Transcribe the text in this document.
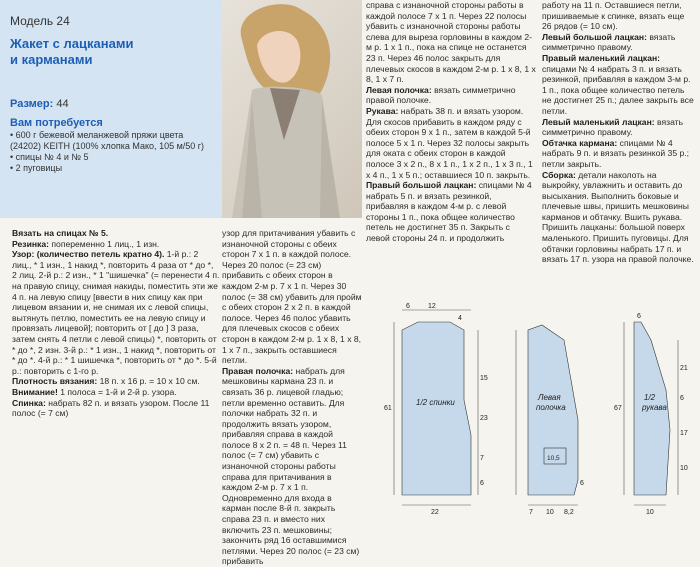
Модель 24
Жакет с лацканами
и карманами
Размер: 44
Вам потребуется
• 600 г бежевой меланжевой пряжи цвета (24202) KEITH (100% хлопка Мако, 105 м/50 г)
• спицы № 4 и № 5
• 2 пуговицы
Вязать на спицах № 5.
Резинка: попеременно 1 лиц., 1 изн.
Узор: (количество петель кратно 4). 1-й р.: 2 лиц., * 1 изн., 1 накид *, повторить 4 раза от * до *, 2 лиц. 2-й р.: 2 изн., * 1 "шишечка" (= перенести 4 п. на правую спицу, снимая накиды, поместить эти же 4 п. на левую спицу [ввести в них спицу как при лицевом вязании и, не снимая их с левой спицы, вытянуть петлю, поместить ее на левую спицу и провязать лицевой]; повторить от [ до ] 3 раза, затем снять 4 петли с левой спицы) *, повторить от * до *, 2 изн. 3-й р.: * 1 изн., 1 накид *, повторить от * до *. 4-й р.: * 1 шишечка *, повторить от * до *. 5-й р.: повторить с 1-го р.
Плотность вязания: 18 п. х 16 р. = 10 х 10 см.
Внимание! 1 полоса = 1-й и 2-й р. узора.
Спинка: набрать 82 п. и вязать узором. После 11 полос (= 7 см)
узор для притачивания убавить с изнаночной стороны с обеих сторон 7 х 1 п. в каждой полосе. Через 20 полос (= 23 см) прибавить с обеих сторон в каждом 2-м р. 7 х 1 п. Через 30 полос (= 38 см) убавить для пройм с обеих сторон 2 х 2 п. в каждой полосе. Через 46 полос убавить для плечевых скосов с обеих сторон в каждом 2-м р. 1 х 8, 1 х 8, 1 х 7 п., закрыть оставшиеся петли.
Правая полочка: набрать для мешковины кармана 23 п. и связать 36 р. лицевой гладью; петли временно оставить. Для полочки набрать 32 п. и продолжить вязать узором, прибавляя справа в каждой полосе 8 х 2 п. = 48 п. Через 11 полос (= 7 см) убавить с изнаночной стороны работы справа для притачивания в каждом 2-м р. 7 х 1 п. Одновременно для входа в карман после 8-й п. закрыть справа 23 п. и вместо них включить 23 п. мешковины; закончить ряд 16 оставшимися петлями. Через 20 полос (= 23 см) прибавить
справа с изнаночной стороны работы в каждой полосе 7 х 1 п. Через 22 полосы убавить с изнаночной стороны работы слева для выреза горловины в каждом 2-м р. 1 х 1 п., пока на спице не останется 23 п. Через 46 полос закрыть для плечевых скосов в каждом 2-м р. 1 х 8, 1 х 8, 1 х 7 п.
Левая полочка: вязать симметрично правой полочке.
Рукава: набрать 38 п. и вязать узором. Для скосов прибавить в каждом ряду с обеих сторон 9 х 1 п., затем в каждой 5-й полосе 5 х 1 п. Через 32 полосы закрыть для оката с обеих сторон в каждой полосе 3 х 2 п., 8 х 1 п., 1 х 2 п., 1 х 3 п., 1 х 4 п., 1 х 5 п.; оставшиеся 10 п. закрыть.
Правый большой лацкан: спицами № 4 набрать 5 п. и вязать резинкой, прибавляя в каждом 4-м р. с левой стороны 1 п., пока общее количество петель не достигнет 35 п. Закрыть с левой стороны 24 п. и продолжить
работу на 11 п. Оставшиеся петли, пришиваемые к спинке, вязать еще 26 рядов (= 10 см).
Левый большой лацкан: вязать симметрично правому.
Правый маленький лацкан: спицами № 4 набрать 3 п. и вязать резинкой, прибавляя в каждом 3-м р. 1 п., пока общее количество петель не достигнет 25 п.; далее закрыть все петли.
Левый маленький лацкан: вязать симметрично правому.
Обтачка кармана: спицами № 4 набрать 9 п. и вязать резинкой 35 р.; петли закрыть.
Сборка: детали наколоть на выкройку, увлажнить и оставить до высыхания. Выполнить боковые и плечевые швы, пришить мешковины карманов и обтачку. Вшить рукава. Пришить лацканы: большой поверх маленького. Пришить пуговицы. Для обтачки горловины набрать 17 п. и вязать 17 п. узора на правой полочке.
1/2 спинки
Левая
полочка
1/2
рукава
6	12
4
61
15
23
7
6
22	7 10 8,2
10,5
6
67
21
6
17
10
6
10
